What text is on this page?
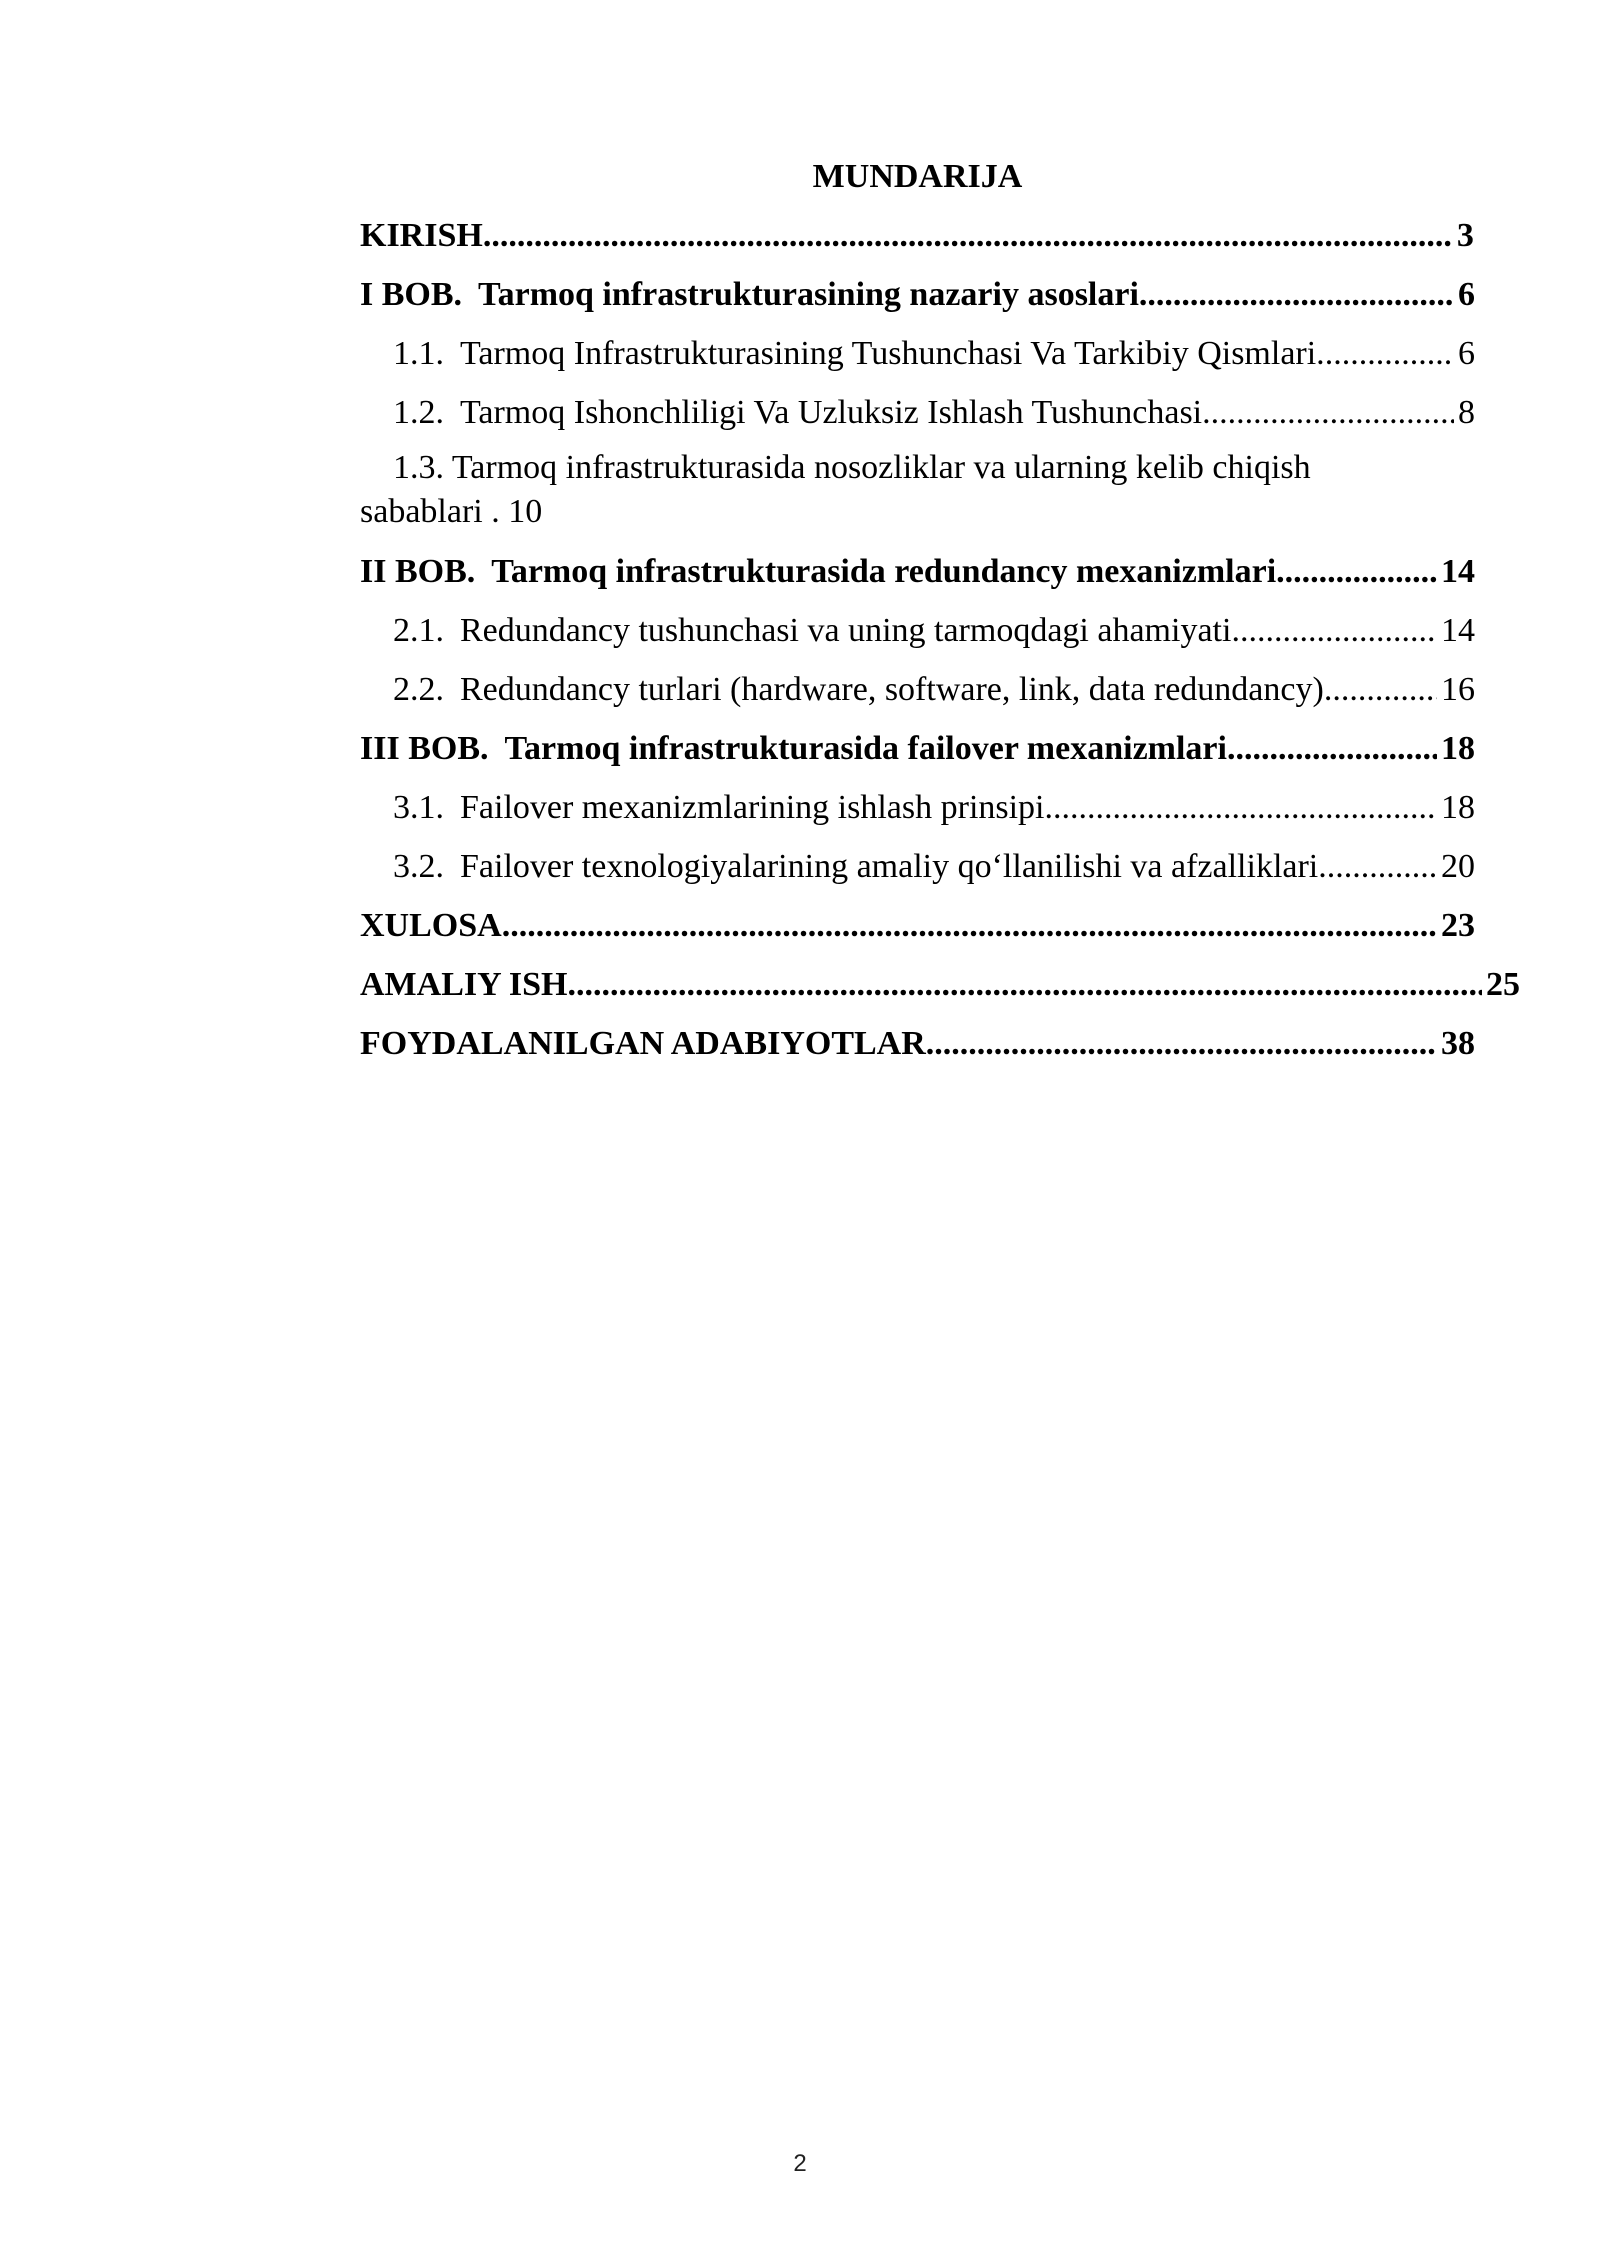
MUNDARIJA
KIRISH .....	3
I BOB. Tarmoq infrastrukturasining nazariy asoslari .....	6
1.1. Tarmoq Infrastrukturasining Tushunchasi Va Tarkibiy Qismlari. .....	6
1.2. Tarmoq Ishonchliligi Va Uzluksiz Ishlash Tushunchasi .....	8
1.3. Tarmoq infrastrukturasida nosozliklar va ularning kelib chiqish
sabablari . 10
II BOB. Tarmoq infrastrukturasida redundancy mexanizmlari .....	14
2.1. Redundancy tushunchasi va uning tarmoqdagi ahamiyati .....	14
2.2. Redundancy turlari (hardware, software, link, data redundancy). .....	16
III BOB. Tarmoq infrastrukturasida failover mexanizmlari .....	18
3.1. Failover mexanizmlarining ishlash prinsipi .....	18
3.2. Failover texnologiyalarining amaliy qo‘llanilishi va afzalliklari. .....	20
XULOSA .....	23
AMALIY ISH .....	25
FOYDALANILGAN ADABIYOTLAR .....	38
2
